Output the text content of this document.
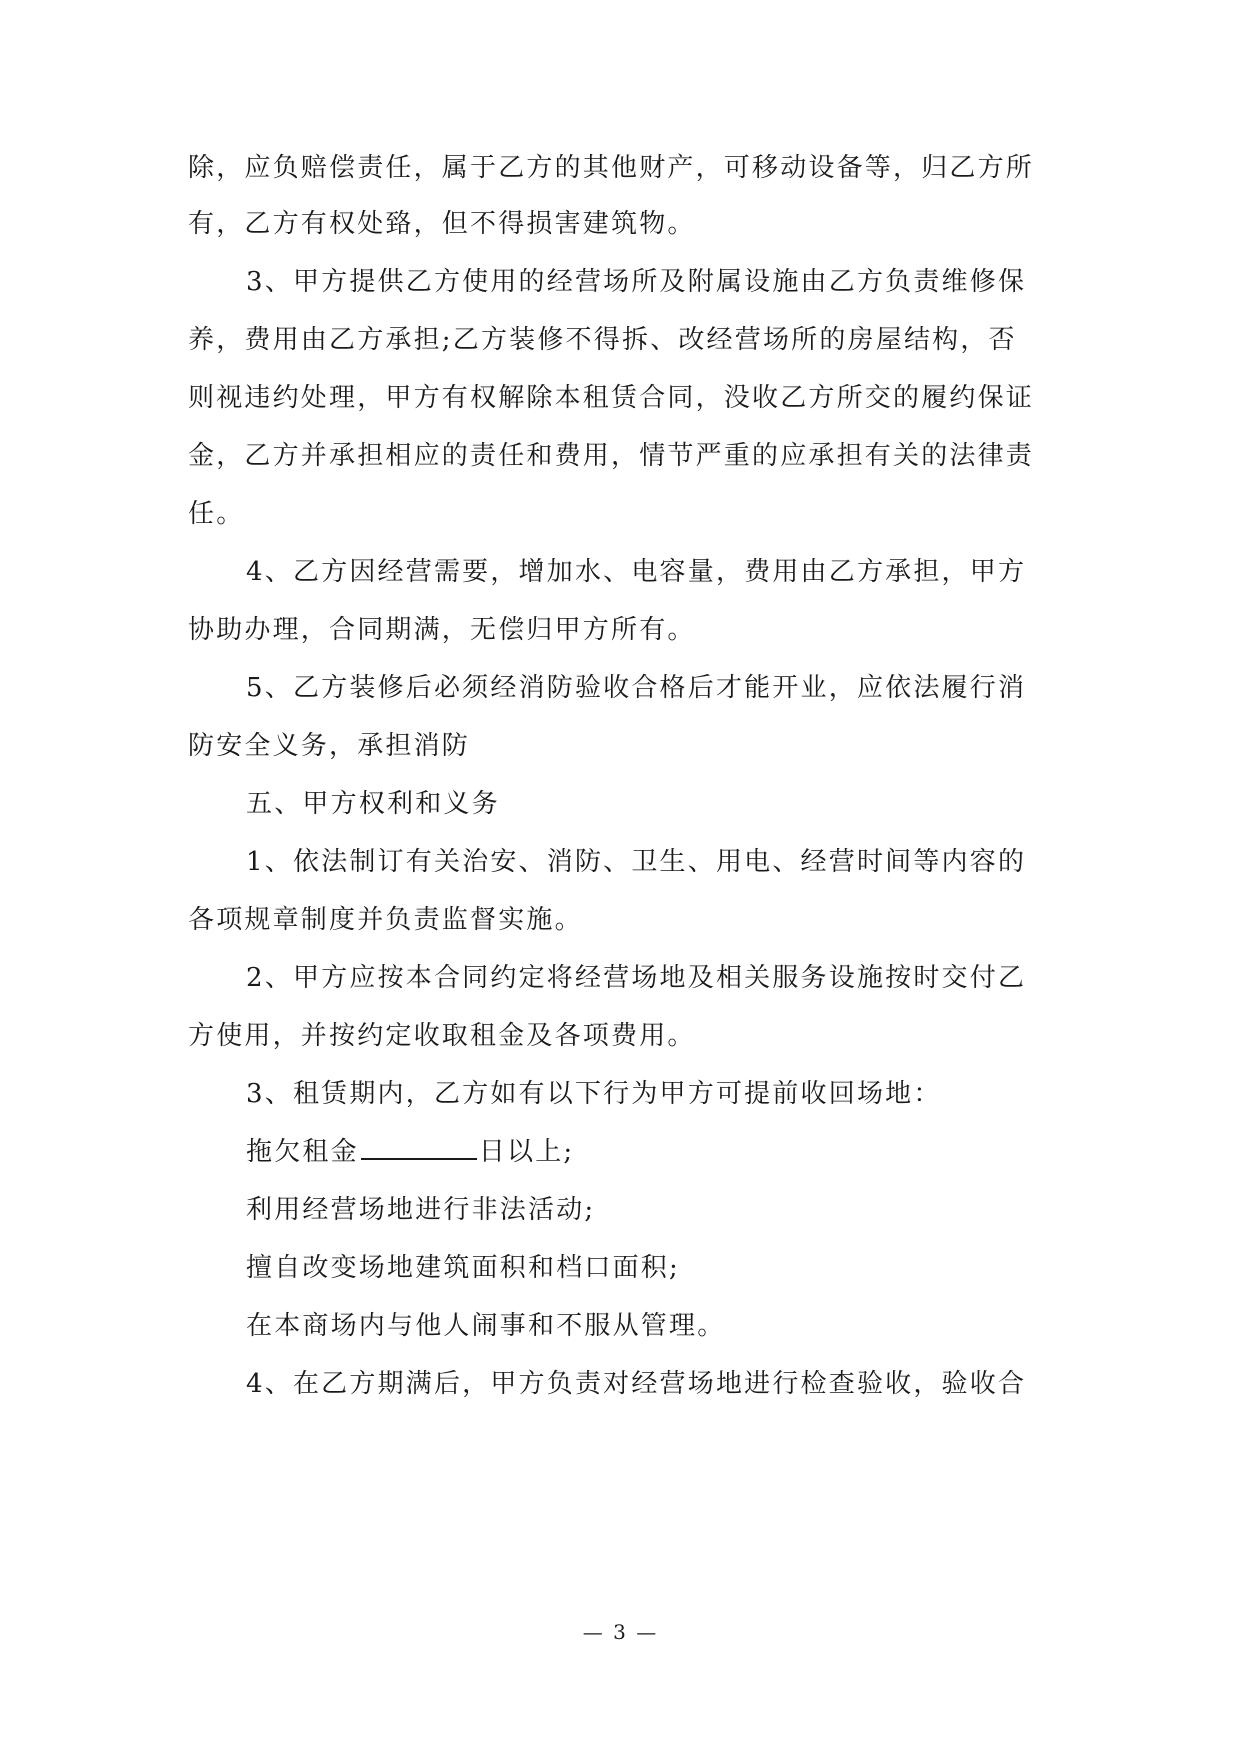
除，应负赔偿责任，属于乙方的其他财产，可移动设备等，归乙方所
有，乙方有权处臵，但不得损害建筑物。
3、甲方提供乙方使用的经营场所及附属设施由乙方负责维修保
养，费用由乙方承担;乙方装修不得拆、改经营场所的房屋结构，否
则视违约处理，甲方有权解除本租赁合同，没收乙方所交的履约保证
金，乙方并承担相应的责任和费用，情节严重的应承担有关的法律责
任。
4、乙方因经营需要，增加水、电容量，费用由乙方承担，甲方
协助办理，合同期满，无偿归甲方所有。
5、乙方装修后必须经消防验收合格后才能开业，应依法履行消
防安全义务，承担消防
五、甲方权利和义务
1、依法制订有关治安、消防、卫生、用电、经营时间等内容的
各项规章制度并负责监督实施。
2、甲方应按本合同约定将经营场地及相关服务设施按时交付乙
方使用，并按约定收取租金及各项费用。
3、租赁期内，乙方如有以下行为甲方可提前收回场地：
拖欠租金	日以上;
利用经营场地进行非法活动;
擅自改变场地建筑面积和档口面积;
在本商场内与他人闹事和不服从管理。
4、在乙方期满后，甲方负责对经营场地进行检查验收，验收合
— 3 —
